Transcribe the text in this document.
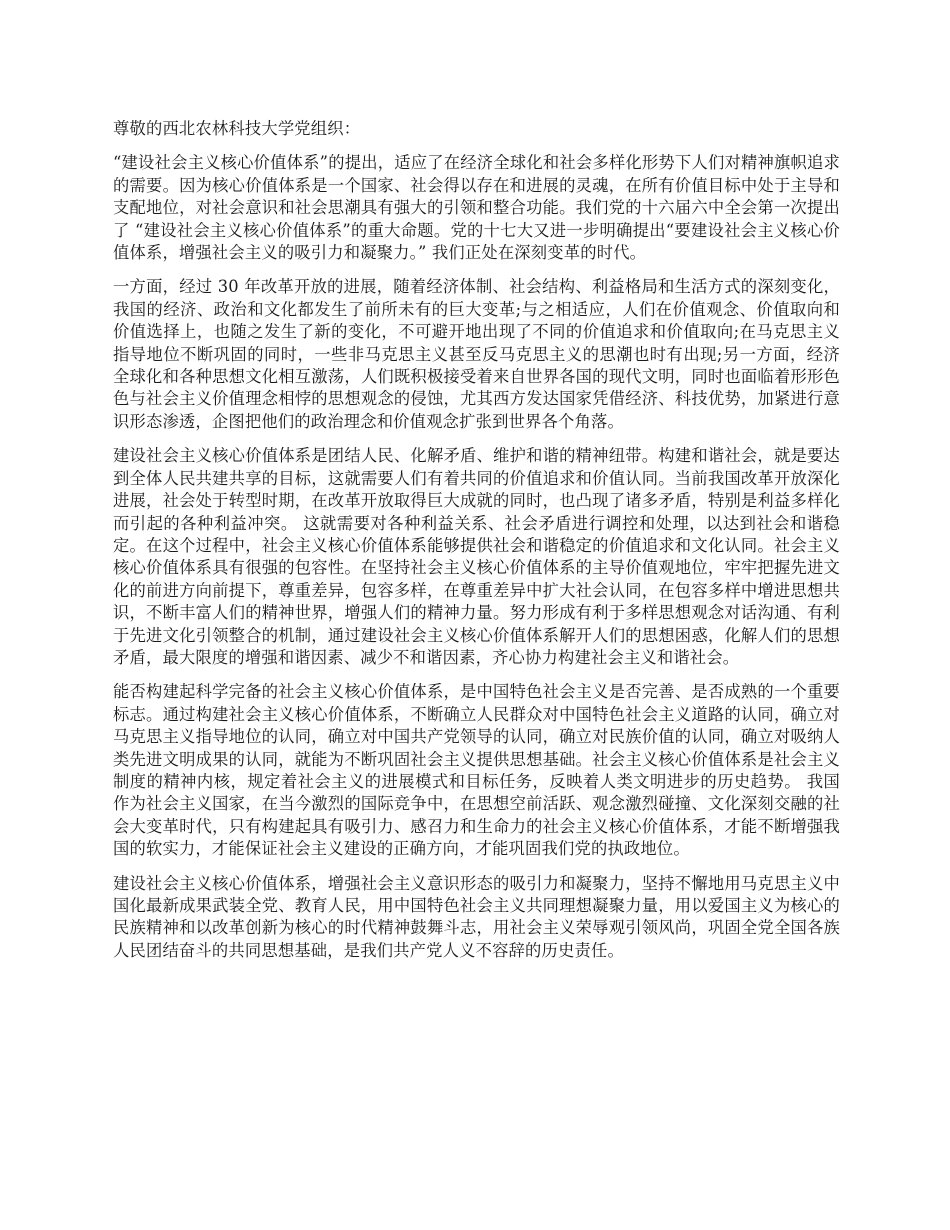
尊敬的西北农林科技大学党组织：

“建设社会主义核心价值体系”的提出，适应了在经济全球化和社会多样化形势下人们对精神旗帜追求的需要。因为核心价值体系是一个国家、社会得以存在和进展的灵魂，在所有价值目标中处于主导和支配地位，对社会意识和社会思潮具有强大的引领和整合功能。我们党的十六届六中全会第一次提出了 “建设社会主义核心价值体系”的重大命题。党的十七大又进一步明确提出“要建设社会主义核心价值体系，增强社会主义的吸引力和凝聚力。” 我们正处在深刻变革的时代。

一方面，经过 30 年改革开放的进展，随着经济体制、社会结构、利益格局和生活方式的深刻变化，我国的经济、政治和文化都发生了前所未有的巨大变革;与之相适应，人们在价值观念、价值取向和价值选择上，也随之发生了新的变化，不可避开地出现了不同的价值追求和价值取向;在马克思主义指导地位不断巩固的同时，一些非马克思主义甚至反马克思主义的思潮也时有出现;另一方面，经济全球化和各种思想文化相互激荡，人们既积极接受着来自世界各国的现代文明，同时也面临着形形色色与社会主义价值理念相悖的思想观念的侵蚀，尤其西方发达国家凭借经济、科技优势，加紧进行意识形态渗透，企图把他们的政治理念和价值观念扩张到世界各个角落。

建设社会主义核心价值体系是团结人民、化解矛盾、维护和谐的精神纽带。构建和谐社会，就是要达到全体人民共建共享的目标，这就需要人们有着共同的价值追求和价值认同。当前我国改革开放深化进展，社会处于转型时期，在改革开放取得巨大成就的同时，也凸现了诸多矛盾，特别是利益多样化而引起的各种利益冲突。 这就需要对各种利益关系、社会矛盾进行调控和处理，以达到社会和谐稳定。在这个过程中，社会主义核心价值体系能够提供社会和谐稳定的价值追求和文化认同。社会主义核心价值体系具有很强的包容性。在坚持社会主义核心价值体系的主导价值观地位，牢牢把握先进文化的前进方向前提下，尊重差异，包容多样，在尊重差异中扩大社会认同，在包容多样中增进思想共识，不断丰富人们的精神世界，增强人们的精神力量。努力形成有利于多样思想观念对话沟通、有利于先进文化引领整合的机制，通过建设社会主义核心价值体系解开人们的思想困惑，化解人们的思想矛盾，最大限度的增强和谐因素、减少不和谐因素，齐心协力构建社会主义和谐社会。

能否构建起科学完备的社会主义核心价值体系，是中国特色社会主义是否完善、是否成熟的一个重要标志。通过构建社会主义核心价值体系，不断确立人民群众对中国特色社会主义道路的认同，确立对马克思主义指导地位的认同，确立对中国共产党领导的认同，确立对民族价值的认同，确立对吸纳人类先进文明成果的认同，就能为不断巩固社会主义提供思想基础。社会主义核心价值体系是社会主义制度的精神内核，规定着社会主义的进展模式和目标任务，反映着人类文明进步的历史趋势。 我国作为社会主义国家，在当今激烈的国际竞争中，在思想空前活跃、观念激烈碰撞、文化深刻交融的社会大变革时代，只有构建起具有吸引力、感召力和生命力的社会主义核心价值体系，才能不断增强我国的软实力，才能保证社会主义建设的正确方向，才能巩固我们党的执政地位。

建设社会主义核心价值体系，增强社会主义意识形态的吸引力和凝聚力，坚持不懈地用马克思主义中国化最新成果武装全党、教育人民，用中国特色社会主义共同理想凝聚力量，用以爱国主义为核心的民族精神和以改革创新为核心的时代精神鼓舞斗志，用社会主义荣辱观引领风尚，巩固全党全国各族人民团结奋斗的共同思想基础，是我们共产党人义不容辞的历史责任。
